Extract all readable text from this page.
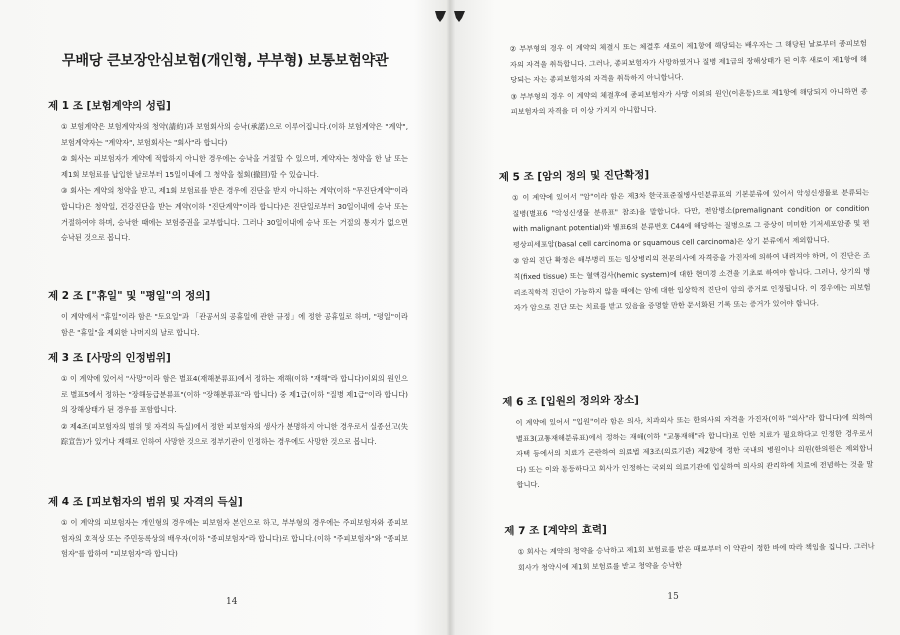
무배당 큰보장안심보험(개인형, 부부형) 보통보험약관
제 1 조 [보험계약의 성립]
① 보험계약은 보험계약자의 청약(請約)과 보험회사의 승낙(承諾)으로 이루어집니다.(이하 보험계약은 "계약", 보험계약자는 "계약자", 보험회사는 "회사"라 합니다)
② 회사는 피보험자가 계약에 적합하지 아니한 경우에는 승낙을 거절할 수 있으며, 계약자는 청약을 한 날 또는 제1회 보험료를 납입한 날로부터 15일이내에 그 청약을 철회(撤回)할 수 있습니다.
③ 회사는 계약의 청약을 받고, 제1회 보험료를 받은 경우에 진단을 받지 아니하는 계약(이하 "무진단계약"이라 합니다)은 청약일, 건강진단을 받는 계약(이하 "진단계약"이라 합니다)은 진단일로부터 30일이내에 승낙 또는 거절하여야 하며, 승낙한 때에는 보험증권을 교부합니다. 그러나 30일이내에 승낙 또는 거절의 통지가 없으면 승낙된 것으로 봅니다.
제 2 조 ["휴일" 및 "평일"의 정의]
이 계약에서 "휴일"이라 함은 "토요일"과 「관공서의 공휴일에 관한 규정」에 정한 공휴일로 하며, "평일"이라 함은 "휴일"을 제외한 나머지의 날로 합니다.
제 3 조 [사망의 인정범위]
① 이 계약에 있어서 "사망"이라 함은 별표4(재해분류표)에서 정하는 재해(이하 "재해"라 합니다)이외의 원인으로 별표5에서 정하는 "장해등급분류표"(이하 "장해분류표"라 합니다) 중 제1급(이하 "질병 제1급"이라 합니다)의 장해상태가 된 경우를 포함합니다.
② 제4조(피보험자의 범위 및 자격의 득실)에서 정한 피보험자의 생사가 분명하지 아니한 경우로서 실종선고(失踪宣告)가 있거나 재해로 인하여 사망한 것으로 정부기관이 인정하는 경우에도 사망한 것으로 봅니다.
제 4 조 [피보험자의 범위 및 자격의 득실]
① 이 계약의 피보험자는 개인형의 경우에는 피보험자 본인으로 하고, 부부형의 경우에는 주피보험자와 종피보험자의 호적상 또는 주민등록상의 배우자(이하 "종피보험자"라 합니다)로 합니다.(이하 "주피보험자"와 "종피보험자"를 합하여 "피보험자"라 합니다)
14
② 부부형의 경우 이 계약의 체결시 또는 체결후 새로이 제1항에 해당되는 배우자는 그 해당된 날로부터 종피보험자의 자격을 취득합니다. 그러나, 종피보험자가 사망하였거나 질병 제1급의 장해상태가 된 이후 새로이 제1항에 해당되는 자는 종피보험자의 자격을 취득하지 아니합니다.
③ 부부형의 경우 이 계약의 체결후에 종피보험자가 사망 이외의 원인(이혼등)으로 제1항에 해당되지 아니하면 종피보험자의 자격을 더 이상 가지지 아니합니다.
제 5 조 [암의 정의 및 진단확정]
① 이 계약에 있어서 "암"이라 함은 제3차 한국표준질병사인분류표의 기본분류에 있어서 악성신생물로 분류되는 질병(별표6 "악성신생물 분류표" 참조)을 말합니다. 다만, 전암병소(premalignant condition or condition with malignant potential)와 별표6의 분류번호 C44에 해당하는 질병으로 그 증상이 미미한 기저세포암종 및 편평상피세포암(basal cell carcinoma or squamous cell carcinoma)은 상기 분류에서 제외합니다.
② 암의 진단 확정은 해부병리 또는 임상병리의 전문의사에 자격증을 가진자에 의하여 내려져야 하며, 이 진단은 조직(fixed tissue) 또는 혈액검사(hemic system)에 대한 현미경 소견을 기초로 하여야 합니다. 그러나, 상기의 병리조직학적 진단이 가능하지 않을 때에는 암에 대한 임상학적 진단이 암의 증거로 인정됩니다. 이 경우에는 피보험자가 암으로 진단 또는 치료를 받고 있음을 증명할 만한 문서화된 기록 또는 증거가 있어야 합니다.
제 6 조 [입원의 정의와 장소]
이 계약에 있어서 "입원"이라 함은 의사, 치과의사 또는 한의사의 자격을 가진자(이하 "의사"라 합니다)에 의하여 별표3(교통재해분류표)에서 정하는 재해(이하 "교통재해"라 합니다)로 인한 치료가 필요하다고 인정한 경우로서 자택 등에서의 치료가 곤란하여 의료법 제3조(의료기관) 제2항에 정한 국내의 병원이나 의원(한의원은 제외합니다) 또는 이와 동등하다고 회사가 인정하는 국외의 의료기관에 입실하여 의사의 관리하에 치료에 전념하는 것을 말합니다.
제 7 조 [계약의 효력]
① 회사는 계약의 청약을 승낙하고 제1회 보험료를 받은 때로부터 이 약관이 정한 바에 따라 책임을 집니다. 그러나 회사가 청약시에 제1회 보험료를 받고 청약을 승낙한
15
